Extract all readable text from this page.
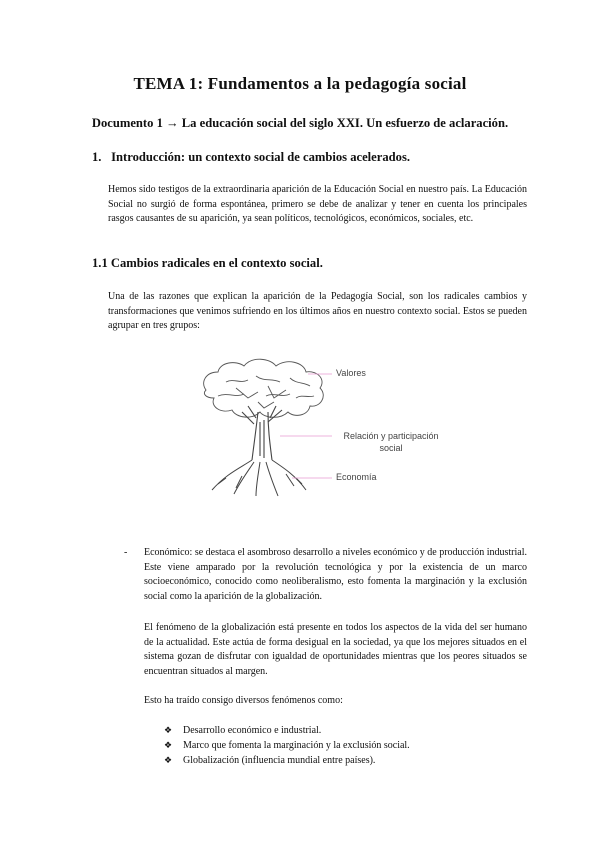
TEMA 1: Fundamentos a la pedagogía social
Documento 1 → La educación social del siglo XXI. Un esfuerzo de aclaración.
1. Introducción: un contexto social de cambios acelerados.
Hemos sido testigos de la extraordinaria aparición de la Educación Social en nuestro país. La Educación Social no surgió de forma espontánea, primero se debe de analizar y tener en cuenta los principales rasgos causantes de su aparición, ya sean políticos, tecnológicos, económicos, sociales, etc.
1.1 Cambios radicales en el contexto social.
Una de las razones que explican la aparición de la Pedagogía Social, son los radicales cambios y transformaciones que venimos sufriendo en los últimos años en nuestro contexto social. Estos se pueden agrupar en tres grupos:
Valores
Relación y participación social
Economía
- Económico: se destaca el asombroso desarrollo a niveles económico y de producción industrial. Este viene amparado por la revolución tecnológica y por la existencia de un marco socioeconómico, conocido como neoliberalismo, esto fomenta la marginación y la exclusión social como la aparición de la globalización.
El fenómeno de la globalización está presente en todos los aspectos de la vida del ser humano de la actualidad. Este actúa de forma desigual en la sociedad, ya que los mejores situados en el sistema gozan de disfrutar con igualdad de oportunidades mientras que los peores situados se encuentran situados al margen.
Esto ha traído consigo diversos fenómenos como:
❖ Desarrollo económico e industrial.
❖ Marco que fomenta la marginación y la exclusión social.
❖ Globalización (influencia mundial entre países).
